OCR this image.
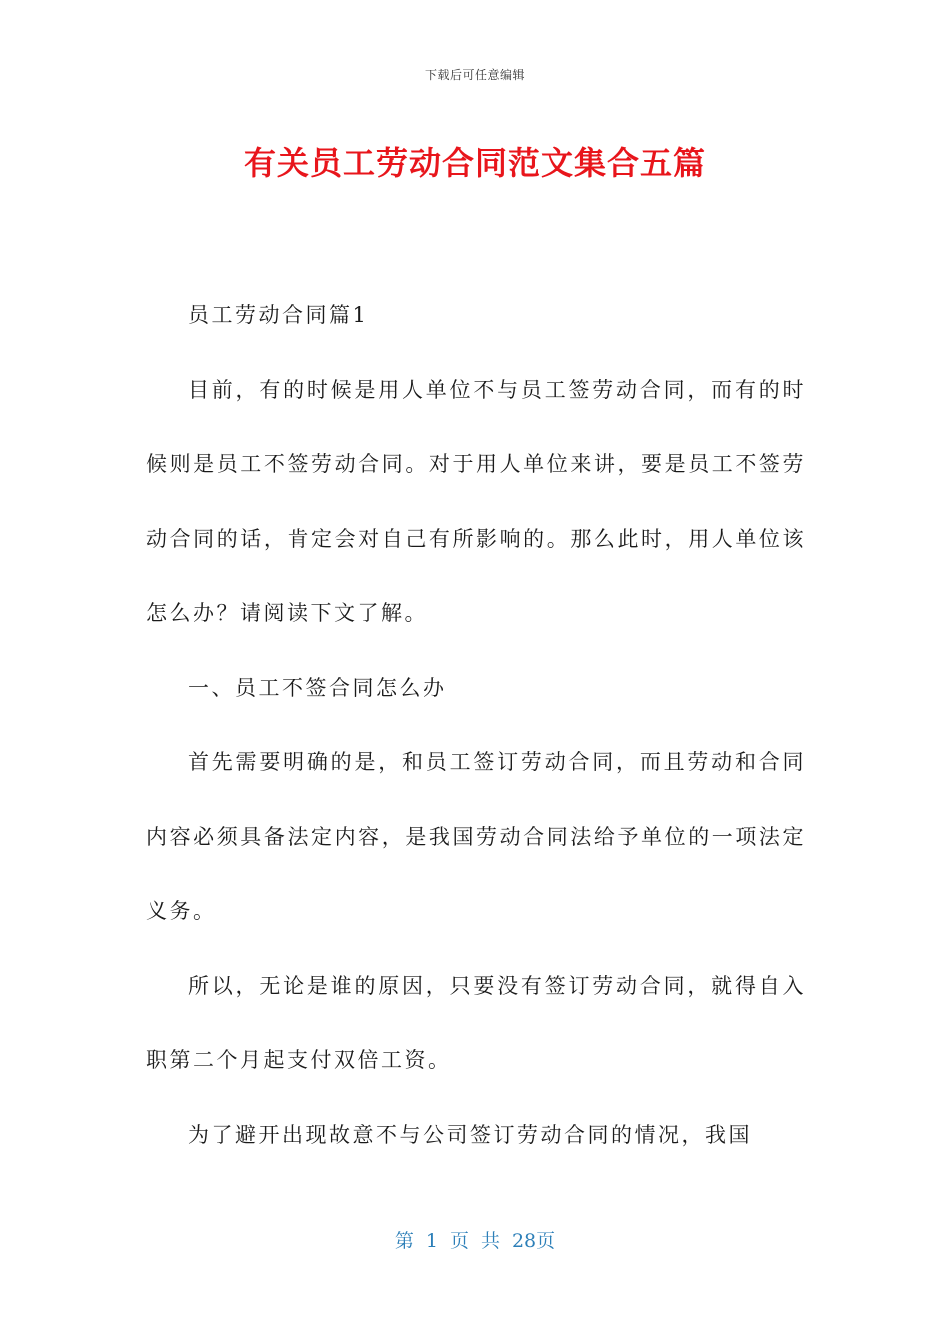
下载后可任意编辑
有关员工劳动合同范文集合五篇

员工劳动合同篇1

目前，有的时候是用人单位不与员工签劳动合同，而有的时候则是员工不签劳动合同。对于用人单位来讲，要是员工不签劳动合同的话，肯定会对自己有所影响的。那么此时，用人单位该怎么办？请阅读下文了解。

一、员工不签合同怎么办

首先需要明确的是，和员工签订劳动合同，而且劳动和合同内容必须具备法定内容，是我国劳动合同法给予单位的一项法定义务。

所以，无论是谁的原因，只要没有签订劳动合同，就得自入职第二个月起支付双倍工资。

为了避开出现故意不与公司签订劳动合同的情况，我国

第 1 页 共 28页
